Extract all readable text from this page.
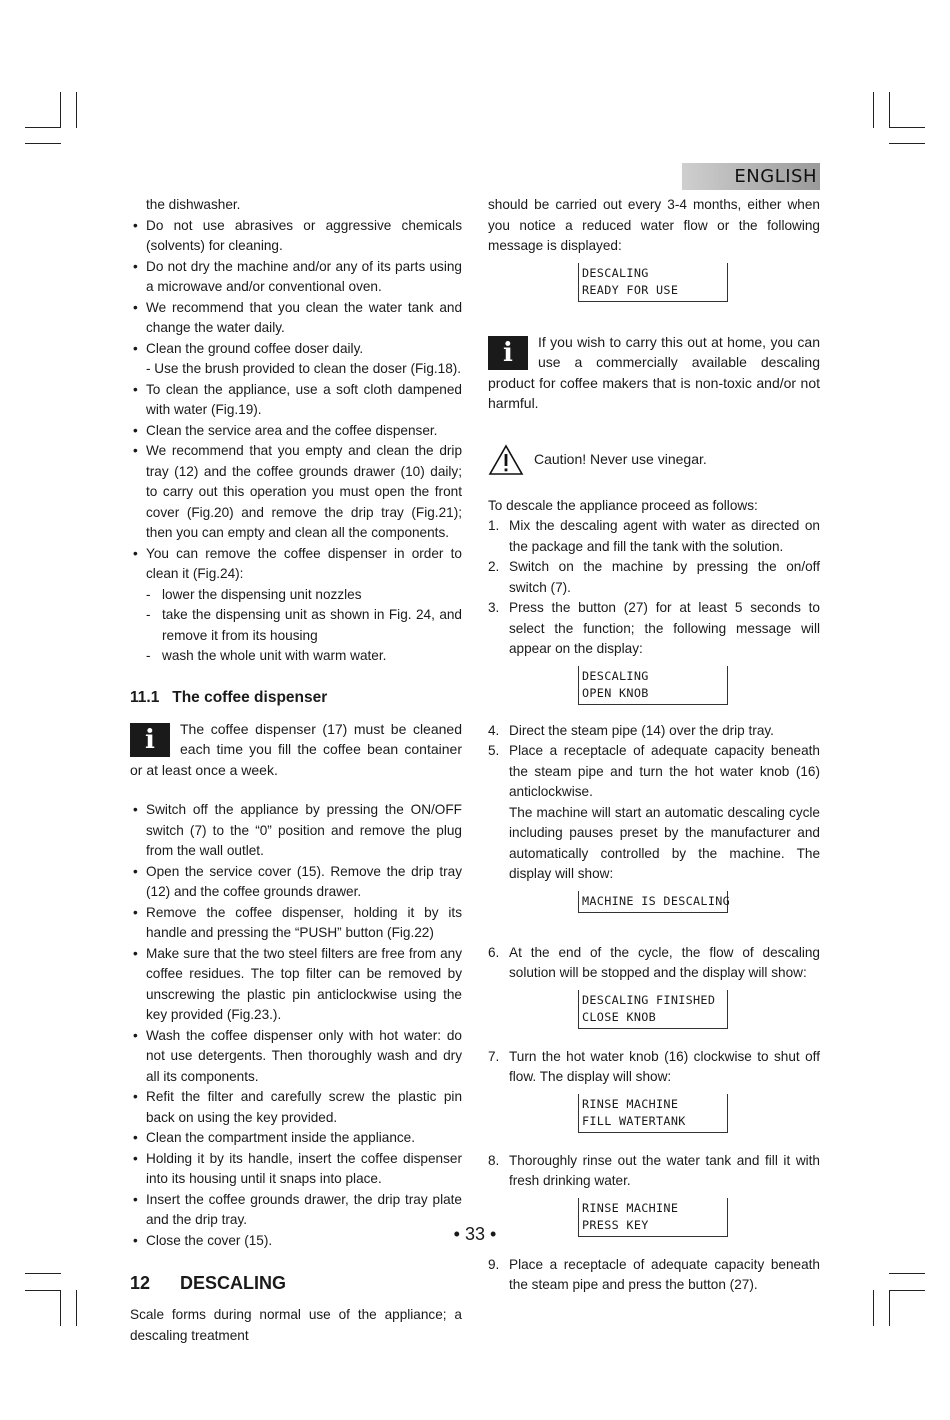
ENGLISH

the dishwasher.

• Do not use abrasives or aggressive chemicals (solvents) for cleaning.
• Do not dry the machine and/or any of its parts using a microwave and/or conventional oven.
• We recommend that you clean the water tank and change the water daily.
• Clean the ground coffee doser daily.
- Use the brush provided to clean the doser (Fig.18).
• To clean the appliance, use a soft cloth dampened with water (Fig.19).
• Clean the service area and the coffee dispenser.
• We recommend that you empty and clean the drip tray (12) and the coffee grounds drawer (10) daily; to carry out this operation you must open the front cover (Fig.20) and remove the drip tray (Fig.21); then you can empty and clean all the components.
• You can remove the coffee dispenser in order to clean it (Fig.24):
- lower the dispensing unit nozzles
- take the dispensing unit as shown in Fig. 24, and remove it from its housing
- wash the whole unit with warm water.
11.1   The coffee dispenser
i	The coffee dispenser (17) must be cleaned each time you fill the coffee bean container or at least once a week.
• Switch off the appliance by pressing the ON/OFF switch (7) to the “0” position and remove the plug from the wall outlet.
• Open the service cover (15). Remove the drip tray (12) and the coffee grounds drawer.
• Remove the coffee dispenser, holding it by its handle and pressing the “PUSH” button (Fig.22)
• Make sure that the two steel filters are free from any coffee residues. The top filter can be removed by unscrewing the plastic pin anticlockwise using the key provided (Fig.23.).
• Wash the coffee dispenser only with hot water: do not use detergents. Then thoroughly wash and dry all its components.
• Refit the filter and carefully screw the plastic pin back on using the key provided.
• Clean the compartment inside the appliance.
• Holding it by its handle, insert the coffee dispenser into its housing until it snaps into place.
• Insert the coffee grounds drawer, the drip tray plate and the drip tray.
• Close the cover (15).
12      DESCALING

Scale forms during normal use of the appliance; a descaling treatment

should be carried out every 3-4 months, either when you notice a reduced water flow or the following message is displayed:

DESCALING
READY FOR USE
i	If you wish to carry this out at home, you can use a commercially available descaling product for coffee makers that is non-toxic and/or not harmful.
Caution! Never use vinegar.

To descale the appliance proceed as follows:

1. Mix the descaling agent with water as directed on the package and fill the tank with the solution.
2. Switch on the machine by pressing the on/off switch (7).
3. Press the button (27) for at least 5 seconds to select the function; the following message will appear on the display:
DESCALING
OPEN KNOB
4. Direct the steam pipe (14) over the drip tray.
5. Place a receptacle of adequate capacity beneath the steam pipe and turn the hot water knob (16) anticlockwise.
The machine will start an automatic descaling cycle including pauses preset by the manufacturer and automatically controlled by the machine. The display will show:
MACHINE IS DESCALING
6. At the end of the cycle, the flow of descaling solution will be stopped and the display will show:
DESCALING FINISHED
CLOSE KNOB
7. Turn the hot water knob (16) clockwise to shut off flow. The display will show:
RINSE MACHINE
FILL WATERTANK
8. Thoroughly rinse out the water tank and fill it with fresh drinking water.
RINSE MACHINE
PRESS KEY
9. Place a receptacle of adequate capacity beneath the steam pipe and press the button (27).
• 33 •
